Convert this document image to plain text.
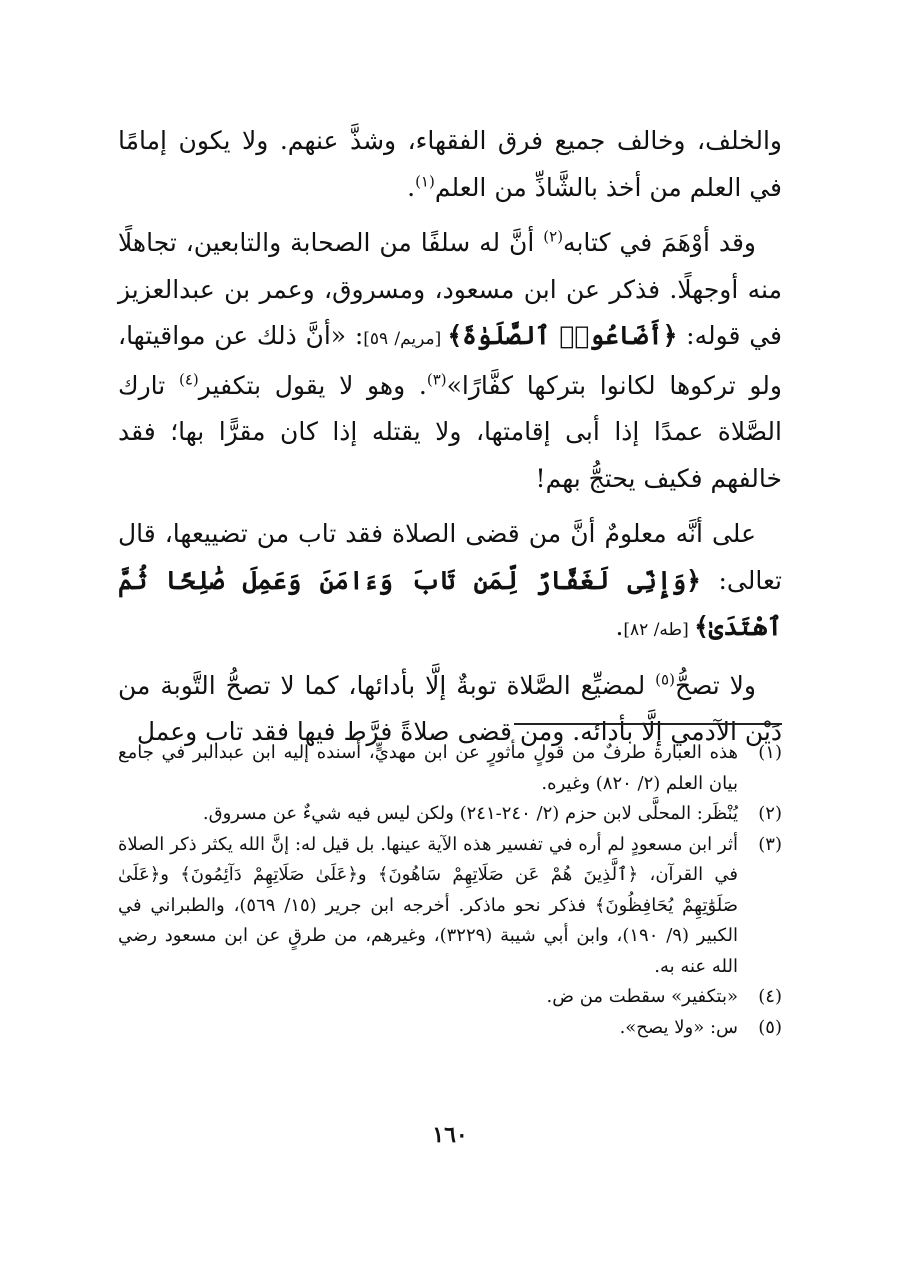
والخلف، وخالف جميع فرق الفقهاء، وشذَّ عنهم. ولا يكون إمامًا في العلم من أخذ بالشَّاذِّ من العلم$^{(١)}$.

وقد أوْهَمَ في كتابه$^{(٢)}$ أنَّ له سلفًا من الصحابة والتابعين، تجاهلًا منه أوجهلًا. فذكر عن ابن مسعود، ومسروق، وعمر بن عبدالعزيز في قوله: ﴿أَضَاعُوا۟ ٱلصَّلَوٰةَ﴾ [مريم/ ٥٩]: «أنَّ ذلك عن مواقيتها، ولو تركوها لكانوا بتركها كفَّارًا»$^{(٣)}$. وهو لا يقول بتكفير$^{(٤)}$ تارك الصَّلاة عمدًا إذا أبى إقامتها، ولا يقتله إذا كان مقرًّا بها؛ فقد خالفهم فكيف يحتجُّ بهم!

على أنَّه معلومٌ أنَّ من قضى الصلاة فقد تاب من تضييعها، قال تعالى: ﴿وَإِنِّى لَغَفَّارٌ لِّمَن تَابَ وَءَامَنَ وَعَمِلَ صَٰلِحًا ثُمَّ ٱهْتَدَىٰ﴾ [طه/ ٨٢].

ولا تصحُّ$^{(٥)}$ لمضيِّع الصَّلاة توبةٌ إلَّا بأدائها، كما لا تصحُّ التَّوبة من دَيْن الآدمي إلَّا بأدائه. ومن قضى صلاةً فرَّط فيها فقد تاب وعمل

(١)
هذه العبارة طرفٌ من قولٍ مأثورٍ عن ابن مهديٍّ، أسنده إليه ابن عبدالبر في جامع بيان العلم (٢/ ٨٢٠) وغيره.
(٢)
يُنْظَر: المحلَّى لابن حزم (٢/ ٢٤٠-٢٤١) ولكن ليس فيه شيءٌ عن مسروق.
(٣)
أثر ابن مسعودٍ لم أره في تفسير هذه الآية عينها. بل قيل له: إنَّ الله يكثر ذكر الصلاة في القرآن، ﴿ٱلَّذِينَ هُمْ عَن صَلَاتِهِمْ سَاهُونَ﴾ و﴿عَلَىٰ صَلَاتِهِمْ دَآئِمُونَ﴾ و﴿عَلَىٰ صَلَوَٰتِهِمْ يُحَافِظُونَ﴾ فذكر نحو ماذكر. أخرجه ابن جرير (١٥/ ٥٦٩)، والطبراني في الكبير (٩/ ١٩٠)، وابن أبي شيبة (٣٢٢٩)، وغيرهم، من طرقٍ عن ابن مسعود رضي الله عنه به.
(٤)
«بتكفير» سقطت من ض.
(٥)
س: «ولا يصح».
١٦٠
